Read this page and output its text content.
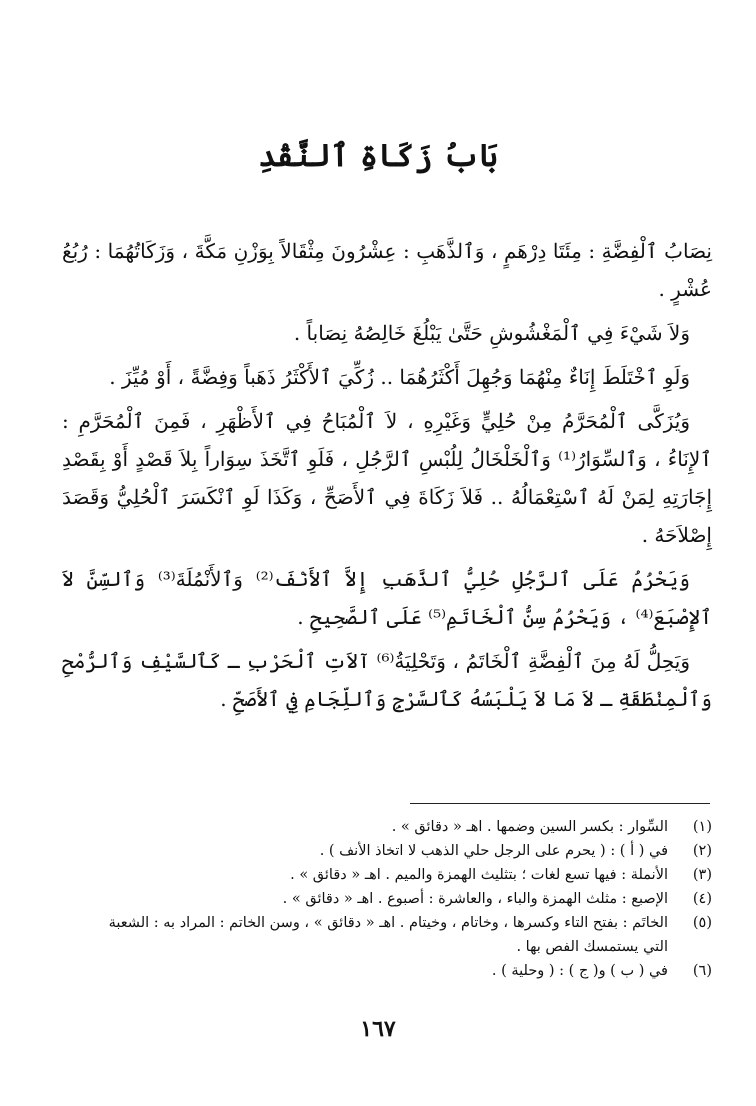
بَابُ زَكَاةِ ٱلنَّقْدِ

نِصَابُ ٱلْفِضَّةِ : مِئَتَا دِرْهَمٍ ، وَٱلذَّهَبِ : عِشْرُونَ مِثْقَالاً بِوَزْنِ مَكَّةَ ، وَزَكَاتُهُمَا : رُبُعُ عُشْرٍ .

وَلاَ شَيْءَ فِي ٱلْمَغْشُوشِ حَتَّىٰ يَبْلُغَ خَالِصُهُ نِصَاباً .

وَلَوِ ٱخْتَلَطَ إِنَاءٌ مِنْهُمَا وَجُهِلَ أَكْثَرُهُمَا .. زُكِّيَ ٱلأَكْثَرُ ذَهَباً وَفِضَّةً ، أَوْ مُيِّزَ .

وَيُزَكَّى ٱلْمُحَرَّمُ مِنْ حُلِيٍّ وَغَيْرِهِ ، لاَ ٱلْمُبَاحُ فِي ٱلأَظْهَرِ ، فَمِنَ ٱلْمُحَرَّمِ : ٱلإِنَاءُ ، وَٱلسِّوَارُ⁽¹⁾ وَٱلْخَلْخَالُ لِلُبْسِ ٱلرَّجُلِ ، فَلَوِ ٱتَّخَذَ سِوَاراً بِلاَ قَصْدٍ أَوْ بِقَصْدِ إِجَارَتِهِ لِمَنْ لَهُ ٱسْتِعْمَالُهُ .. فَلاَ زَكَاةَ فِي ٱلأَصَحِّ ، وَكَذَا لَوِ ٱنْكَسَرَ ٱلْحُلِيُّ وَقَصَدَ إِصْلاَحَهُ .

وَيَحْرُمُ عَلَى ٱلرَّجُلِ حُلِيُّ ٱلذَّهَبِ إِلاَّ ٱلأَنْفَ⁽²⁾ وَٱلأَنْمُلَةَ⁽³⁾ وَٱلسِّنَّ لاَ ٱلإِصْبَعَ⁽⁴⁾ ، وَيَحْرُمُ سِنُّ ٱلْخَاتَمِ⁽⁵⁾ عَلَى ٱلصَّحِيحِ .

وَيَحِلُّ لَهُ مِنَ ٱلْفِضَّةِ ٱلْخَاتَمُ ، وَتَحْلِيَةُ⁽⁶⁾ آلاَتِ ٱلْحَرْبِ ـ كَٱلسَّيْفِ وَٱلرُّمْحِ وَٱلْمِنْطَقَةِ ـ لاَ مَا لاَ يَلْبَسُهُ كَٱلسَّرْجِ وَٱللِّجَامِ فِي ٱلأَصَحِّ .

(١)
السِّوار : بكسر السين وضمها . اهـ « دقائق » .
(٢)
في ( أ ) : ( يحرم على الرجل حلي الذهب لا اتخاذ الأنف ) .
(٣)
الأنملة : فيها تسع لغات ؛ بتثليث الهمزة والميم . اهـ « دقائق » .
(٤)
الإصبع : مثلث الهمزة والباء ، والعاشرة : أصبوع . اهـ « دقائق » .
(٥)
الخاتَم : بفتح التاء وكسرها ، وخاتام ، وخيتام . اهـ « دقائق » ، وسن الخاتم : المراد به : الشعبة
التي يستمسك الفص بها .
(٦)
في ( ب ) و( ج ) : ( وحلية ) .
١٦٧
